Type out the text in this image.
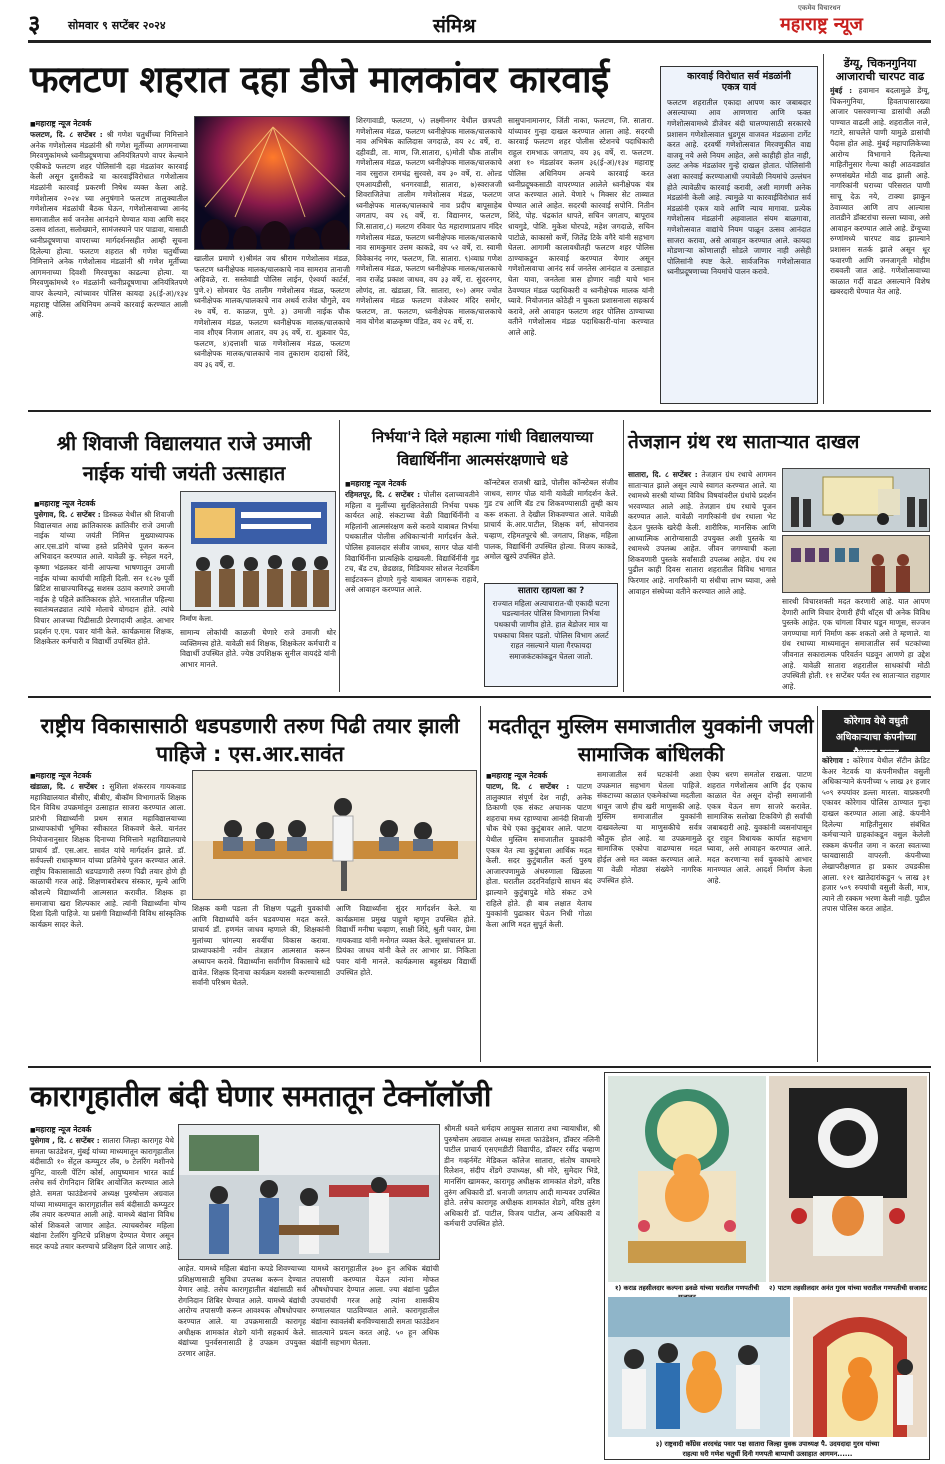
३	सोमवार ९ सप्टेंबर २०२४	संमिश्र
एकमेव विचारधन
महाराष्ट्र न्यूज
फलटण शहरात दहा डीजे मालकांवर कारवाई
■ महाराष्ट्र न्यूज नेटवर्क
फलटण, दि. ८ सप्टेंबर : श्री गणेश चतुर्थीच्या निमित्ताने अनेक गणेशोत्सव मंडळांनी श्री गणेश मूर्तीच्या आगमनाच्या मिरवणुकांमध्ये ध्वनीप्रदूषणाचा अनियंत्रितपणे वापर केल्याने एकीकडे फलटण शहर पोलिसांनी दहा मंडळांवर कारवाई केली असून दुसरीकडे या कारवाईविरोधात गणेशोत्सव मंडळांनी कारवाई प्रकरणी निषेध व्यक्त केला आहे. गणेशोत्सव २०२४ च्या अनुषंगाने फलटण तालुक्यातील गणेशोत्सव मंडळांची बैठक घेऊन, गणेशोत्सवाच्या आनंद समाजातील सर्व जनतेस आनंदाने घेण्यात यावा आणि सदर उत्सव शांतता, सलोख्याने, सामंजस्याने पार पाडावा, यासाठी ध्वनीप्रदूषणाचा वापराच्या मार्गदर्शनसहीत आम्ही सूचना दिलेल्या होत्या. फलटण शहरात श्री गणेश चतुर्थीच्या निमित्ताने अनेक गणेशोत्सव मंडळांनी श्री गणेश मूर्तीच्या आगमनाच्या दिवशी मिरवणुका काढल्या होत्या. या मिरवणुकांमध्ये १० मंडळांनी ध्वनीप्रदूषणाचा अनियंत्रितपणे वापर केल्याने, त्यांच्यावर पोलिस कायदा ३६(ई-अ)/१३४ महाराष्ट्र पोलिस अधिनियम अन्वये कारवाई करण्यात आली आहे.
खालील प्रमाणे १)श्रीमंत जय श्रीराम गणेशोत्सव मंडळ, फलटण ध्वनीक्षेपक मालक/चालकाचे नाव सामराव तानाजी अहिवळे, रा. सस्तेवाडी पोलिस लाईन, ऐश्वर्या कार्टर्स, पुणे.२) सोमवार पेठ तालीम गणेशोत्सव मंडळ, फलटण ध्वनीक्षेपक मालक/चालकाचे नाव अथर्व राजेश चौगुले, वय २७ वर्षे, रा. काळज, पुणे. ३) उमाजी नाईक चौक गणेशोत्सव मंडळ, फलटण ध्वनीक्षेपक मालक/चालकाचे नाव शौएब निजाम आतार, वय ३६ वर्षे, रा. शुक्रवार पेठ, फलटण, ४)दत्ताशी चाळ गणेशोत्सव मंडळ, फलटण ध्वनीक्षेपक मालक/चालकाचे नाव तुकाराम दादासो शिंदे, वय ३६ वर्षे, रा.
शिरगावाडी, फलटण, ५) लक्ष्मीनगर येथील छत्रपती गणेशोत्सव मंडळ, फलटण ध्वनीक्षेपक मालक/चालकाचे नाव अभिषेक कालिदास जगदाळे, वय २८ वर्षे, रा. दहीवडी, ता. माण, जि.सातारा, ६)मोती चौक तालीम गणेशोत्सव मंडळ, फलटण ध्वनीक्षेपक मालक/चालकाचे नाव रसुराज रामचंद्र सुरवसे, वय ३० वर्षे, रा. ओल्ड एमआयडीसी, धनगरवाडी, सातारा, ७)स्वराजजी शिवराजितेचा तालीम गणेशोत्सव मंडळ, फलटण ध्वनीक्षेपक मालक/चालकाचे नाव प्रदीप बापूसाहेब जगताप, वय २६ वर्षे, रा. विद्यानगर, फलटण, जि.सातारा,८) मलटण रविवार पेठ महाराणाप्रताप मंदिर गणेशोत्सव मंडळ, फलटण ध्वनीक्षेपक मालक/चालकाचे नाव सामकुमार उत्तम काकडे, वय ५२ वर्षे, रा. स्वामी विवेकानंद नगर, फलटण, जि. सातारा. ९)व्याघ्र गणेश गणेशोत्सव मंडळ, फलटण ध्वनीक्षेपक मालक/चालकाचे नाव राजेंद्र प्रकाश जाधव, वय ३३ वर्षे, रा. सुंदरनगर, लोणंद, ता. खंडाळा, जि. सातारा, १०) अमर ज्योत गणेशोत्सव मंडळ फलटण वंजेश्वर मंदिर समोर, फलटण, ता. फलटण, ध्वनीक्षेपक मालक/चालकाचे नाव योगेश बाळकृष्ण पंडित, वय २८ वर्षे, रा.
सासुपानामानगर, जिंती नाका, फलटण, जि. सातारा. यांच्यावर गुन्हा दाखल करण्यात आला आहे. सदरची कारवाई फलटण शहर पोलीस स्टेशनचे पदाधिकारी राहुल रामभाऊ जगताप, वय ३६ वर्षे, रा. फलटण. अशा १० मंडळांवर कलम ३६(ई-अ)/१३४ महाराष्ट्र पोलिस अधिनियम अन्वये कारवाई करत ध्वनीप्रदूषकसाठी वापरण्यात आलेले ध्वनीक्षेपक यंत्र जप्त करण्यात आले. येणारे ५ मिक्सर सेट ताब्यात घेण्यात आले आहेत. सदरची कारवाई सपोनि. नितीन शिंदे, पोह. चंद्रकांत धापते, सचिन जगताप, बापूराव धायगुडे, पोशि. मुकेश घोरपडे, महेश जगदाळे, सचिन पाटोळे, काकासो कर्णे, जितेंद्र टिके वगैरे यांनी सहभाग घेतला. आगामी कालावधीतही फलटण शहर पोलिस ठाण्याकडून कारवाई करण्यात येणार असून गणेशोत्सवाचा आनंद सर्व जनतेस आनंदात व उत्साहात घेता यावा, जनतेला त्रास होणार नाही याचे भान ठेवण्यात मंडळ पदाधिकारी व ध्वनीक्षेपक मालक यांनी घ्यावे. नियोजनात कोठेही न चुकता प्रशासनाला सहकार्य करावे, असे आवाहन फलटण शहर पोलिस ठाण्याच्या वतीने गणेशोत्सव मंडळ पदाधिकारी-यांना करण्यात आले आहे.
कारवाई विरोधात सर्व मंडळांनी
एकत्र यावं
फलटण शहरातील एकादा आपण कार जबाबदार असल्याच्या आव आणणारा आणि फक्त गणेशोत्सवामध्ये डीजेवर बंदी घालण्यासाठी सरकारचे प्रशासन गणेशोत्सवात धुडगूस वाजवत मंडळाना टार्गेट करत आहे. दरवर्षी गणेशोत्सवात मिरवणुकीत वाद्य वाजवू नये असे नियम आहेत, असे काहीही होत नाही, उलट अनेक मंडळांवर गुन्हे दाखल होतात. पोलिसांनी अशा कारवाई करण्याआधी ज्यावेळी नियमांचे उल्लंघन होते त्यावेळीच कारवाई करावी, अशी मागणी अनेक मंडळांनी केली आहे. त्यामुळे या कारवाईविरोधात सर्व मंडळांनी एकत्र यावे आणि न्याय मागावा. प्रत्येक गणेशोत्सव मंडळांनी अहवालात संयम बाळगावा, गणेशोत्सवात वाद्यांचे नियम पाळून उत्सव आनंदात साजरा करावा, असे आवाहन करण्यात आले. कायदा मोडणाऱ्या कोणालाही सोडले जाणार नाही असेही पोलिसांनी स्पष्ट केले. सार्वजनिक गणेशोत्सवात ध्वनीप्रदूषणाच्या नियमांचे पालन करावे.
डेंग्यू, चिकनगुनिया आजाराची चारपट वाढ
मुंबई : हवामान बदलामुळे डेंग्यू, चिकनगुनिया, हिवतापासारख्या आजार पसरवणाऱ्या डासांची अळी पाण्यात वाढली आहे. शहरातील नाले, गटारे, साचलेले पाणी यामुळे डासांची पैदास होत आहे. मुंबई महापालिकेच्या आरोग्य विभागाने दिलेल्या माहितीनुसार गेल्या काही आठवड्यांत रुग्णसंख्येत मोठी वाढ झाली आहे. नागरिकांनी घराच्या परिसरात पाणी साचू देऊ नये, टाक्या झाकून ठेवाव्यात आणि ताप आल्यास तातडीने डॉक्टरांचा सल्ला घ्यावा, असे आवाहन करण्यात आले आहे. डेंग्यूच्या रुग्णांमध्ये चारपट वाढ झाल्याने प्रशासन सतर्क झाले असून धूर फवारणी आणि जनजागृती मोहीम राबवली जात आहे. गणेशोत्सवाच्या काळात गर्दी वाढत असल्याने विशेष खबरदारी घेण्यात येत आहे.
श्री शिवाजी विद्यालयात राजे उमाजी नाईक यांची जयंती उत्साहात
■ महाराष्ट्र न्यूज नेटवर्क
पुसेगाव, दि. ८ सप्टेंबर : डिस्कळ येथील श्री शिवाजी विद्यालयात आद्य क्रांतिकारक क्रांतिवीर राजे उमाजी नाईक यांच्या जयंती निमित्त मुख्याध्यापक आर.एस.डांगे यांच्या हस्ते प्रतिमेचे पूजन करून अभिवादन करण्यात आले. यावेळी कु. स्नेहल मदने, कृष्णा भंडलकर यांनी आपल्या भाषणातून उमाजी नाईक यांच्या कार्याची माहिती दिली. सन १८२७ पूर्वी ब्रिटिश साम्राज्याविरुद्ध सशस्त्र उठाव करणारे उमाजी नाईक हे पहिले क्रांतिकारक होते. भारतातील पहिल्या स्वातंत्र्यलढ्यात त्यांचे मोलाचे योगदान होते. त्यांचे विचार आजच्या पिढीसाठी प्रेरणादायी आहेत. आभार प्रदर्शन ए.एम. पवार यांनी केले. कार्यक्रमास शिक्षक, शिक्षकेतर कर्मचारी व विद्यार्थी उपस्थित होते.
निर्माण केला.
सामान्य लोकांची काळजी घेणारे राजे उमाजी थोर व्यक्तिमत्त्व होते. यावेळी सर्व शिक्षक, शिक्षकेतर कर्मचारी व विद्यार्थी उपस्थित होते. ज्येष्ठ उपशिक्षक सुनील वायदंडे यांनी आभार मानले.
निर्भया'ने दिले महात्मा गांधी विद्यालयाच्या विद्यार्थिनींना आत्मसंरक्षणाचे धडे
■ महाराष्ट्र न्यूज नेटवर्क
रहिमतपूर, दि. ८ सप्टेंबर : पोलीस दलाच्यावतीने महिला व मुलींच्या सुरक्षिततेसाठी निर्भया पथक कार्यरत आहे. संकटाच्या वेळी विद्यार्थिनींनी व महिलांनी आत्मसंरक्षण कसे करावे याबाबत निर्भया पथकातील पोलीस अधिकाऱ्यांनी मार्गदर्शन केले. पोलिस हवालदार संजीव जाधव, सागर पोळ यांनी विद्यार्थिनींना प्रात्यक्षिके दाखवली. विद्यार्थिनींनी गुड टच, बॅड टच, छेडछाड, मिडियावर सोशल नेटवर्किंग साईटवरून होणारे गुन्हे याबाबत जागरूक राहावे, असे आवाहन करण्यात आले.
कॉन्स्टेबल राजश्री खाडे, पोलीस कॉन्स्टेबल संजीव जाधव, सागर पोळ यांनी यावेळी मार्गदर्शन केले. गुड टच आणि बॅड टच शिकवण्यासाठी तुम्ही काय करू शकता. ते देखील शिकवण्यात आले. यावेळी प्राचार्य के.आर.पाटील, शिक्षक वर्ग, सोपानराव चव्हाण, रहिमतपूरचे श्री. जगताप, शिक्षक, महिला पालक, विद्यार्थिनी उपस्थित होत्या. विजय काकडे, अमोल खुस्पे उपस्थित होते.
सातारा रहायला का ?
राज्यात महिला अत्याचारात-ची एकादी घटना घडल्यानंतर पोलिस विभागाला निर्भया पथकाची जाणीव होते. हात बेडोजर मात्र या पथकाचा विसर पडतो. पोलिस विभाग अलर्ट राहत नसल्याने याला गैरफायदा समाजकंटकांकडून घेतला जातो.
तेजज्ञान ग्रंथ रथ साताऱ्यात दाखल
सातारा, दि. ८ सप्टेंबर : तेजज्ञान ग्रंथ रथाचे आगमन साताऱ्यात झाले असून त्याचे स्वागत करण्यात आले. या रथामध्ये सरश्री यांच्या विविध विषयांवरील ग्रंथांचे प्रदर्शन भरवण्यात आले आहे. तेजज्ञान ग्रंथ रथाचे पूजन करण्यात आले. यावेळी नागरिकांनी ग्रंथ रथाला भेट देऊन पुस्तके खरेदी केली. शारीरिक, मानसिक आणि आध्यात्मिक आरोग्यासाठी उपयुक्त अशी पुस्तके या रथामध्ये उपलब्ध आहेत. जीवन जगण्याची कला शिकवणारी पुस्तके सर्वांसाठी उपलब्ध आहेत. ग्रंथ रथ पुढील काही दिवस सातारा शहरातील विविध भागात फिरणार आहे. नागरिकांनी या संधीचा लाभ घ्यावा, असे आवाहन संस्थेच्या वतीने करण्यात आले आहे.
सारथी विचारशक्ती मदत करणारी आहे. यात आपण देणारी आणि विचार देणारी हॅपी थॉट्स ची अनेक विविध पुस्तके आहेत. एक चांगला विचार घडून माणूस, सज्जन जगण्याचा मार्ग निर्माण करू शकतो असे ते म्हणाले. या ग्रंथ रथाच्या माध्यमातून समाजातील सर्व घटकांच्या जीवनात सकारात्मक परिवर्तन घडवून आणणे हा उद्देश आहे. यावेळी सातारा शहरातील साधकांची मोठी उपस्थिती होती. ११ सप्टेंबर पर्यंत रथ साताऱ्यात राहणार आहे.
राष्ट्रीय विकासासाठी धडपडणारी तरुण पिढी तयार झाली पाहिजे : एस.आर.सावंत
■ महाराष्ट्र न्यूज नेटवर्क
खंडाळा, दि. ८ सप्टेंबर : सुशिला शंकरराव गायकवाड महाविद्यालयात बीसीए, बीबीए, बीकॉम विभागातर्फे शिक्षक दिन विविध उपक्रमांतून उत्साहात साजरा करण्यात आला. प्रारंभी विद्यार्थ्यांनी प्रथम सत्रात महाविद्यालयाच्या प्राध्यापकांची भूमिका स्वीकारत शिकवणे केले. यानंतर नियोजनानुसार शिक्षक दिनाच्या निमित्ताने महाविद्यालयाचे प्राचार्य डॉ. एस.आर. सावंत यांचे मार्गदर्शन झाले. डॉ. सर्वपल्ली राधाकृष्णन यांच्या प्रतिमेचे पूजन करण्यात आले. राष्ट्रीय विकासासाठी धडपडणारी तरुण पिढी तयार होणे ही काळाची गरज आहे. शिक्षणाबरोबरच संस्कार, मूल्ये आणि कौशल्ये विद्यार्थ्यांनी आत्मसात करावीत. शिक्षक हा समाजाचा खरा शिल्पकार आहे. त्यांनी विद्यार्थ्यांना योग्य दिशा दिली पाहिजे. या प्रसंगी विद्यार्थ्यांनी विविध सांस्कृतिक कार्यक्रम सादर केले.
शिक्षक कमी पडला ती शिक्षण पद्धती युवकांची आणि विद्यार्थ्यांचे वर्तन घडवण्यास मदत करते. प्राचार्य डॉ. हणमंत जाधव म्हणाले की, शिक्षकांनी मुलांच्या चांगल्या सवयींचा विकास करावा. प्राध्यापकांनी नवीन तंत्रज्ञान आत्मसात करून अध्यापन करावे. विद्यार्थ्यांना सर्वांगीण विकासाचे धडे द्यावेत. शिक्षक दिनाचा कार्यक्रम यशस्वी करण्यासाठी सर्वांनी परिश्रम घेतले.
आणि विद्यार्थ्यांना सुंदर मार्गदर्शन केले. या कार्यक्रमास प्रमुख पाहुणे म्हणून उपस्थित होते. विद्यार्थी मनीषा चव्हाण, साक्षी शिंदे, श्रुती पवार, प्रेमा गायकवाड यांनी मनोगत व्यक्त केले. सूत्रसंचालन प्रा. प्रियंका जाधव यांनी केले तर आभार प्रा. निकिता पवार यांनी मानले. कार्यक्रमास बहुसंख्य विद्यार्थी उपस्थित होते.
मदतीतून मुस्लिम समाजातील युवकांनी जपली सामाजिक बांधिलकी
■ महाराष्ट्र न्यूज नेटवर्क
पाटण, दि. ८ सप्टेंबर : पाटण तालुक्यात संपूर्ण देश नाही, अनेक ठिकाणी एक संकट अचानक पाटण शहराचा मध्य रहाण्याचा आनंदी शिवाजी चौक येथे एका कुटुंबावर आले. पाटण येथील मुस्लिम समाजातील युवकांनी एकत्र येत त्या कुटुंबाला आर्थिक मदत केली. सदर कुटुंबातील कर्ता पुरुष आजारपणामुळे अंथरुणाला खिळला होता. घरातील उदरनिर्वाहाचे साधन बंद झाल्याने कुटुंबापुढे मोठे संकट उभे राहिले होते. ही बाब लक्षात येताच युवकांनी पुढाकार घेऊन निधी गोळा केला आणि मदत सुपूर्त केली.
समाजातील सर्व घटकांनी अशा उपक्रमात सहभाग घेतला पाहिजे. संकटाच्या काळात एकमेकांच्या मदतीला धावून जाणे हीच खरी माणुसकी आहे. मुस्लिम समाजातील युवकांनी दाखवलेल्या या माणुसकीचे सर्वत्र कौतुक होत आहे. या उपक्रमामुळे सामाजिक एकोपा वाढण्यास मदत होईल असे मत व्यक्त करण्यात आले. या वेळी मोठ्या संख्येने नागरिक उपस्थित होते.
ऐक्य धरण समतोल राखला. पाटण शहरात गणेशोत्सव आणि ईद एकाच काळात येत असून दोन्ही समाजांनी एकत्र येऊन सण साजरे करावेत. सामाजिक सलोखा टिकविणे ही सर्वांची जबाबदारी आहे. युवकांनी व्यसनांपासून दूर राहून विधायक कार्यात सहभाग घ्यावा, असे आवाहन करण्यात आले. मदत करणाऱ्या सर्व युवकांचे आभार मानण्यात आले. आदर्श निर्माण केला आहे.
कोरेगाव येथे वधुती अधिकाऱ्याचा कंपनीच्या पैशावर डल्ला
कोरेगाव : कोरेगाव येथील सॅटीन क्रेडिट केअर नेटवर्क या कंपनीमधील वसुली अधिकाऱ्याने कंपनीच्या ५ लाख ३१ हजार ५०९ रुपयांवर डल्ला मारला. याप्रकरणी एकावर कोरेगाव पोलिस ठाण्यात गुन्हा दाखल करण्यात आला आहे. कंपनीने दिलेल्या माहितीनुसार संबंधित कर्मचाऱ्याने ग्राहकांकडून वसुल केलेली रक्कम कंपनीत जमा न करता स्वतःच्या फायद्यासाठी वापरली. कंपनीच्या लेखापरीक्षणात हा प्रकार उघडकीस आला. १२१ खातेदारांकडून ५ लाख ३१ हजार ५०९ रुपयांची वसुली केली, मात्र, त्याने ती रक्कम भरणा केली नाही. पुढील तपास पोलिस करत आहेत.
कारागृहातील बंदी घेणार समतातून टेक्नॉलॉजी
■ महाराष्ट्र न्यूज नेटवर्क
पुसेगाव , दि. ८ सप्टेंबर : सातारा जिल्हा कारागृह येथे समता फाउंडेशन, मुंबई यांच्या माध्यमातून कारागृहातील बंदीसाठी १० सेंट्रल कम्प्युटर लॅब, ७ टेलरिंग मशीनचे युनिट, वारली पेंटिंग कोर्स, आयुष्यमान भारत कार्ड तसेच सर्व रोगनिदान शिबिर आयोजित करण्यात आले होते. समता फाउंडेशनचे अध्यक्ष पुरुषोत्तम अग्रवाल यांच्या माध्यमातून कारागृहातील सर्व बंदीसाठी कम्प्युटर लॅब तयार करण्यात आली आहे. यामध्ये बंद्यांना विविध कोर्स शिकवले जाणार आहेत. त्याचबरोबर महिला बंद्यांना टेलरिंग युनिटचे प्रशिक्षण देण्यात येणार असून सदर कपडे तयार करण्याचे प्रशिक्षण दिले जाणार आहे.
आहेत. यामध्ये महिला बंद्यांना कपडे शिवण्याच्या प्रशिक्षणासाठी सुविधा उपलब्ध करून देण्यात येणार आहे. तसेच कारागृहातील बंद्यांसाठी सर्व रोगनिदान शिबिर घेण्यात आले. यामध्ये बंद्यांची आरोग्य तपासणी करून आवश्यक औषधोपचार करण्यात आले. या उपक्रमासाठी कारागृह अधीक्षक शामकांत शेडगे यांनी सहकार्य केले. बंद्यांच्या पुनर्वसनासाठी हे उपक्रम उपयुक्त ठरणार आहेत.
यामध्ये कारागृहातील ३७० हून अधिक बंद्यांची तपासणी करण्यात येऊन त्यांना मोफत औषधोपचार देण्यात आला. ज्या बंद्यांना पुढील उपचारांची गरज आहे त्यांना शासकीय रुग्णालयात पाठविण्यात आले. कारागृहातील बंद्यांना स्वावलंबी बनविण्यासाठी समता फाउंडेशन सातत्याने प्रयत्न करत आहे. ५० हून अधिक बंद्यांनी सहभाग घेतला.
श्रीमती धवले धर्मदाय आयुक्त सातारा तथा न्यायाधीश, श्री पुरुषोत्तम अग्रवाल अध्यक्ष समता फाउंडेशन, डॉक्टर नलिनी पाटील प्राचार्य एसएमडीटी विद्यापीठ, डॉक्टर रवींद्र चव्हाण डीन गव्हर्नमेंट मेडिकल कॉलेज सातारा, संतोष वाघमारे रिलेशन, संदीप शेंडगे उपाध्यक्ष, श्री मोरे, सुमेदार भिडे, मानसिंग खामकर, कारागृह अधीक्षक शामकांत शेडगे, वरिष्ठ तुरुंग अधिकारी डॉ. धनाजी जगताप आदी मान्यवर उपस्थित होते. तसेच कारागृह अधीक्षक शामकांत शेडगे, वरिष्ठ तुरुंग अधिकारी डॉ. पाटील, विजय पाटील, अन्य अधिकारी व कर्मचारी उपस्थित होते.
१) कराड तहसीलदार कल्पना ढवळे यांच्या घरातील गणपतीची	२) पाटण तहसीलदार अनंत गुरव यांच्या घरातील गणपतीची सजावट
३) राष्ट्रवादी काँग्रेस शरदचंद्र पवार पक्ष सातारा जिल्हा युवक उपाध्यक्ष पै. उदयदादा गुरव यांच्या
राहत्या घरी गणेश चतुर्थी दिनी गणपती बाप्पाची उत्साहात आगमन......
